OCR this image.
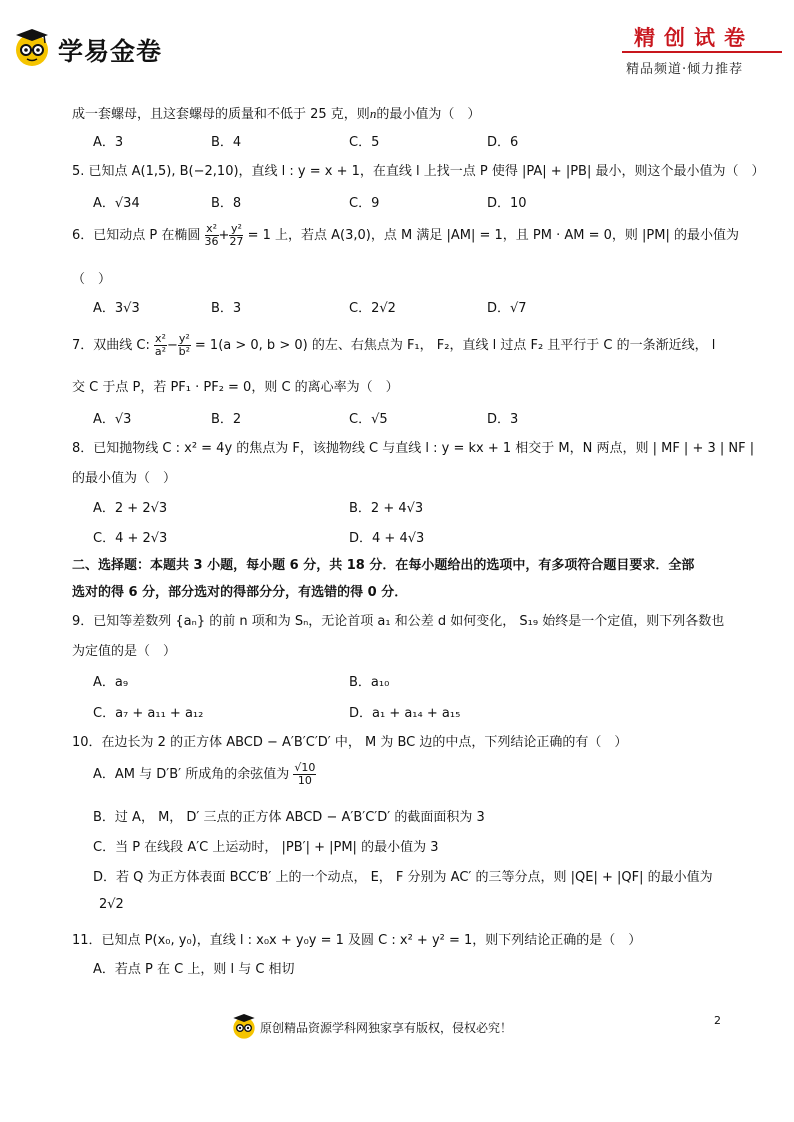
学易金卷	精创试卷
精品频道·倾力推荐
成一套螺母，且这套螺母的质量和不低于 25 克，则n的最小值为（　）
A．3	B．4	C．5	D．6
5. 已知点 A(1,5), B(−2,10)，直线 l : y = x + 1，在直线 l 上找一点 P 使得 |PA| + |PB| 最小，则这个最小值为（　）
A．√34	B．8	C．9	D．10
6．已知动点 P 在椭圆 $\frac{\text{x²}}{36} + \frac{\text{y²}}{27} = 1$ 上，若点 A(3,0)，点 M 满足 |AM| = 1，且 PM · AM = 0，则 |PM| 的最小值为
（　）
A．3√3	B．3	C．2√2	D．√7
7．双曲线 C: $\frac{\text{x²}}{\text{a²}} - \frac{\text{y²}}{\text{b²}} = 1(a > 0$, b > 0) 的左、右焦点为 F₁， F₂，直线 l 过点 F₂ 且平行于 C 的一条渐近线， l
交 C 于点 P，若 PF₁ · PF₂ = 0，则 C 的离心率为（　）
A．√3	B．2	C．√5	D．3
8．已知抛物线 C : x² = 4y 的焦点为 F，该抛物线 C 与直线 l : y = kx + 1 相交于 M，N 两点，则 | MF | + 3 | NF |
的最小值为（　）
A．2 + 2√3	B．2 + 4√3
C．4 + 2√3	D．4 + 4√3
二、选择题：本题共 3 小题，每小题 6 分，共 18 分．在每小题给出的选项中，有多项符合题目要求．全部
选对的得 6 分，部分选对的得部分分，有选错的得 0 分．
9．已知等差数列 {aₙ} 的前 n 项和为 Sₙ，无论首项 a₁ 和公差 d 如何变化， S₁₉ 始终是一个定值，则下列各数也
为定值的是（　）
A．a₉	B．a₁₀
C．a₇ + a₁₁ + a₁₂	D．a₁ + a₁₄ + a₁₅
10．在边长为 2 的正方体 ABCD − A′B′C′D′ 中， M 为 BC 边的中点，下列结论正确的有（　）
A．AM 与 D′B′ 所成角的余弦值为 $\frac{√10}{10}$
B．过 A， M， D′ 三点的正方体 ABCD − A′B′C′D′ 的截面面积为 3
C．当 P 在线段 A′C 上运动时， |PB′| + |PM| 的最小值为 3
D．若 Q 为正方体表面 BCC′B′ 上的一个动点， E， F 分别为 AC′ 的三等分点，则 |QE| + |QF| 的最小值为
2√2
11．已知点 P(x₀, y₀)，直线 l : x₀x + y₀y = 1 及圆 C : x² + y² = 1，则下列结论正确的是（　）
A．若点 P 在 C 上，则 l 与 C 相切
原创精品资源学科网独家享有版权，侵权必究！
2
